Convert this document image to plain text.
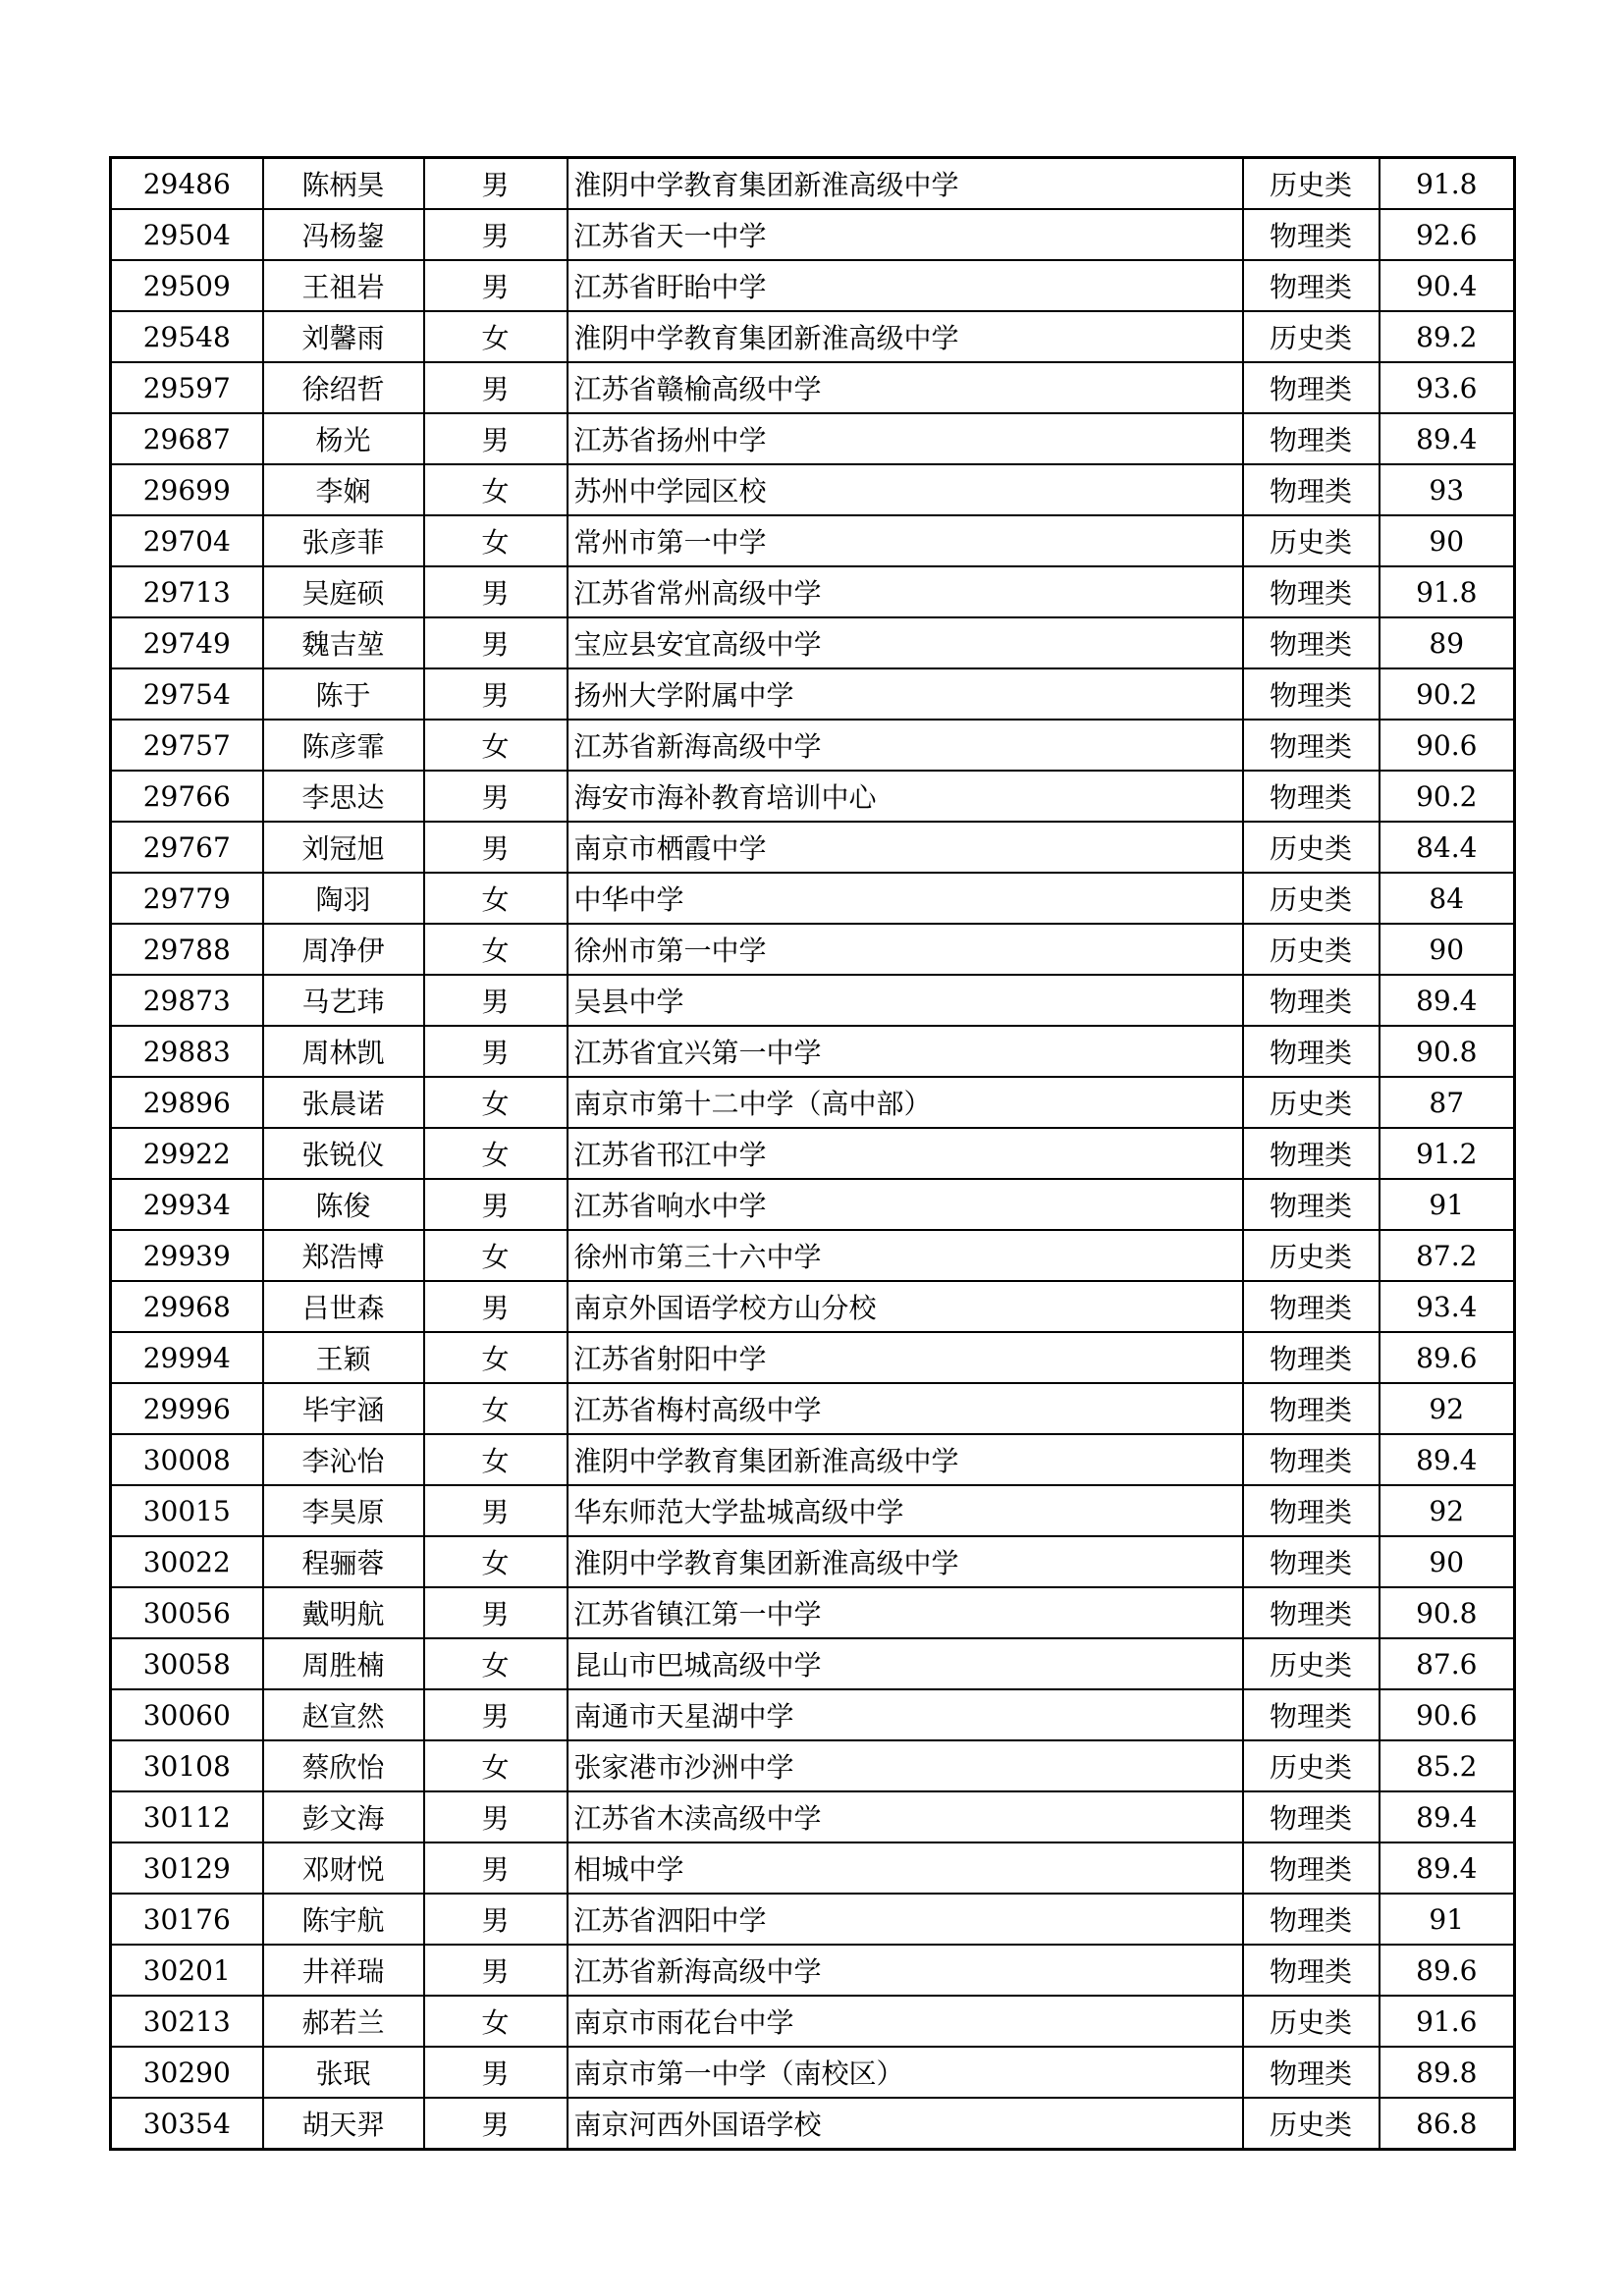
29486	陈柄昊	男	淮阴中学教育集团新淮高级中学	历史类	91.8
29504	冯杨鋆	男	江苏省天一中学	物理类	92.6
29509	王祖岩	男	江苏省盱眙中学	物理类	90.4
29548	刘馨雨	女	淮阴中学教育集团新淮高级中学	历史类	89.2
29597	徐绍哲	男	江苏省赣榆高级中学	物理类	93.6
29687	杨光	男	江苏省扬州中学	物理类	89.4
29699	李娴	女	苏州中学园区校	物理类	93
29704	张彦菲	女	常州市第一中学	历史类	90
29713	吴庭硕	男	江苏省常州高级中学	物理类	91.8
29749	魏吉堃	男	宝应县安宜高级中学	物理类	89
29754	陈于	男	扬州大学附属中学	物理类	90.2
29757	陈彦霏	女	江苏省新海高级中学	物理类	90.6
29766	李思达	男	海安市海补教育培训中心	物理类	90.2
29767	刘冠旭	男	南京市栖霞中学	历史类	84.4
29779	陶羽	女	中华中学	历史类	84
29788	周净伊	女	徐州市第一中学	历史类	90
29873	马艺玮	男	吴县中学	物理类	89.4
29883	周林凯	男	江苏省宜兴第一中学	物理类	90.8
29896	张晨诺	女	南京市第十二中学（高中部）	历史类	87
29922	张锐仪	女	江苏省邗江中学	物理类	91.2
29934	陈俊	男	江苏省响水中学	物理类	91
29939	郑浩博	女	徐州市第三十六中学	历史类	87.2
29968	吕世森	男	南京外国语学校方山分校	物理类	93.4
29994	王颖	女	江苏省射阳中学	物理类	89.6
29996	毕宇涵	女	江苏省梅村高级中学	物理类	92
30008	李沁怡	女	淮阴中学教育集团新淮高级中学	物理类	89.4
30015	李昊原	男	华东师范大学盐城高级中学	物理类	92
30022	程骊蓉	女	淮阴中学教育集团新淮高级中学	物理类	90
30056	戴明航	男	江苏省镇江第一中学	物理类	90.8
30058	周胜楠	女	昆山市巴城高级中学	历史类	87.6
30060	赵宣然	男	南通市天星湖中学	物理类	90.6
30108	蔡欣怡	女	张家港市沙洲中学	历史类	85.2
30112	彭文海	男	江苏省木渎高级中学	物理类	89.4
30129	邓财悦	男	相城中学	物理类	89.4
30176	陈宇航	男	江苏省泗阳中学	物理类	91
30201	井祥瑞	男	江苏省新海高级中学	物理类	89.6
30213	郝若兰	女	南京市雨花台中学	历史类	91.6
30290	张珉	男	南京市第一中学（南校区）	物理类	89.8
30354	胡天羿	男	南京河西外国语学校	历史类	86.8
